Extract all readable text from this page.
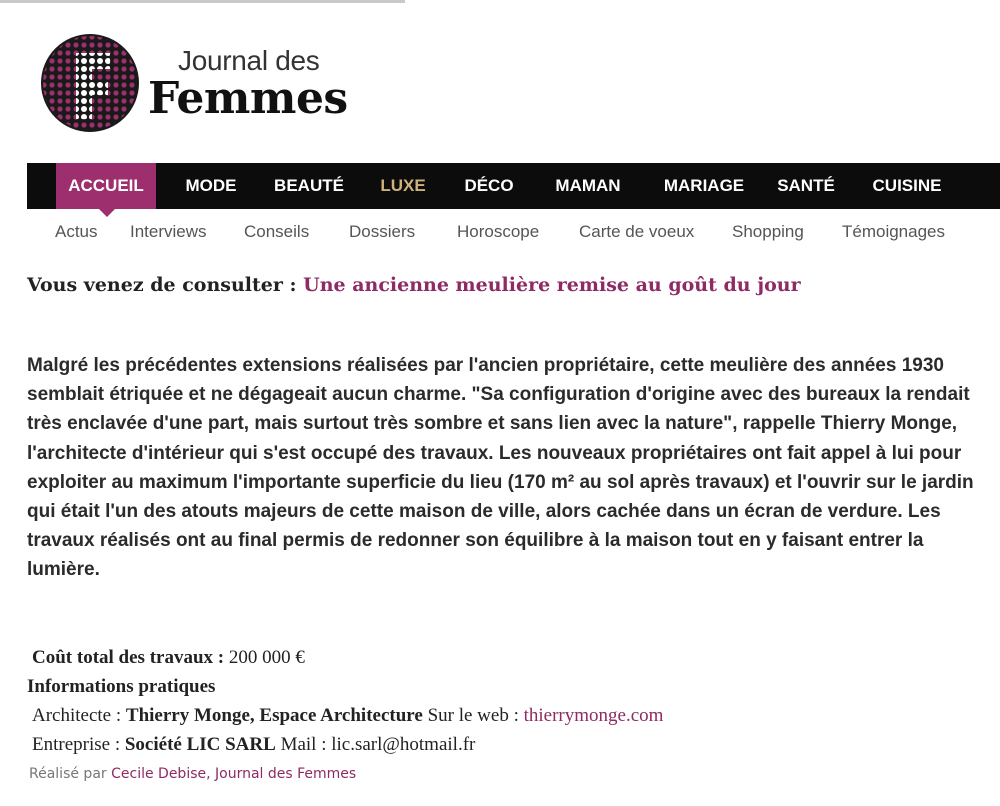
Journal des
Femmes
ACCUEIL	MODE	BEAUTÉ	LUXE	DÉCO	MAMAN	MARIAGE	SANTÉ	CUISINE
Actus Interviews Conseils Dossiers Horoscope Carte de voeux Shopping Témoignages
Vous venez de consulter : Une ancienne meulière remise au goût du jour
Malgré les précédentes extensions réalisées par l'ancien propriétaire, cette meulière des années 1930 semblait étriquée et ne dégageait aucun charme. "Sa configuration d'origine avec des bureaux la rendait très enclavée d'une part, mais surtout très sombre et sans lien avec la nature", rappelle Thierry Monge, l'architecte d'intérieur qui s'est occupé des travaux. Les nouveaux propriétaires ont fait appel à lui pour exploiter au maximum l'importante superficie du lieu (170 m² au sol après travaux) et l'ouvrir sur le jardin qui était l'un des atouts majeurs de cette maison de ville, alors cachée dans un écran de verdure. Les travaux réalisés ont au final permis de redonner son équilibre à la maison tout en y faisant entrer la lumière.
Coût total des travaux : 200 000 €
Informations pratiques
Architecte : Thierry Monge, Espace Architecture Sur le web : thierrymonge.com
Entreprise : Société LIC SARL Mail : lic.sarl@hotmail.fr
Réalisé par Cecile Debise, Journal des Femmes
